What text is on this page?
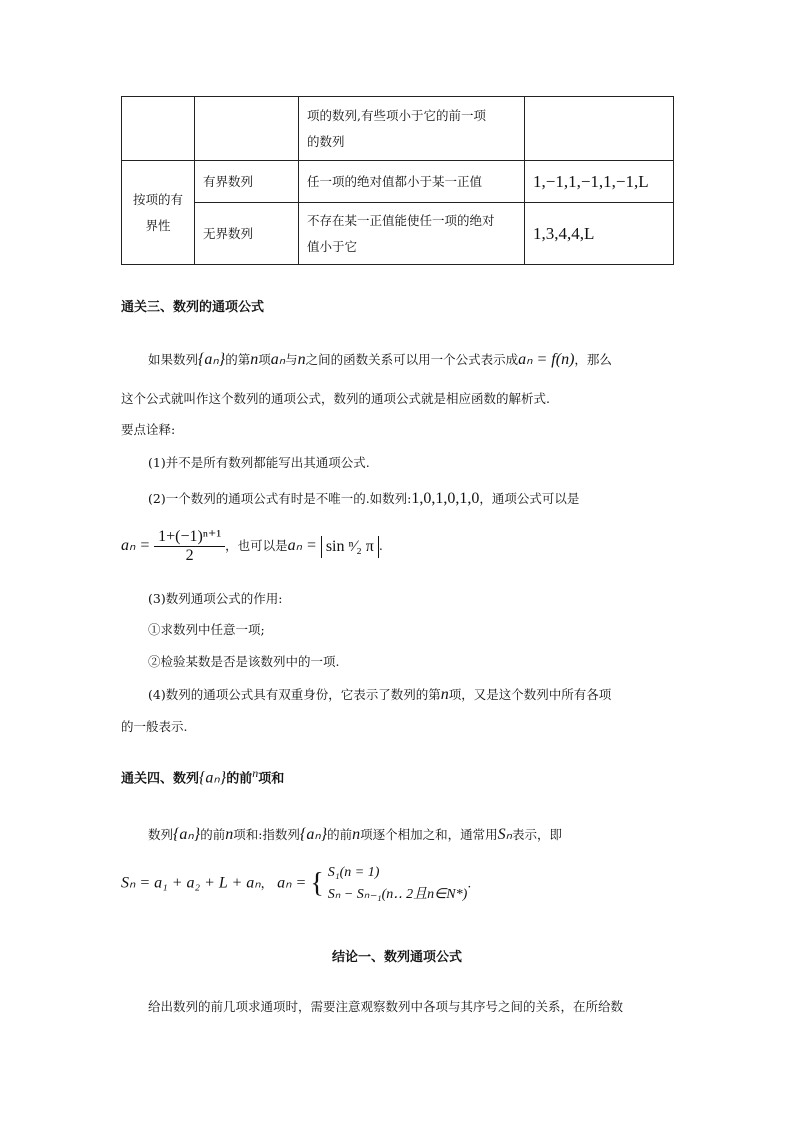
		项的数列,有些项小于它的前一项
的数列	

按项的有
界性	有界数列	任一项的绝对值都小于某一正值	1,−1,1,−1,1,−1,L
	无界数列	不存在某一正值能使任一项的绝对
值小于它	1,3,4,4,L
通关三、数列的通项公式
如果数列{aₙ}的第n项aₙ与n之间的函数关系可以用一个公式表示成aₙ = f(n)，那么
这个公式就叫作这个数列的通项公式，数列的通项公式就是相应函数的解析式.
要点诠释:
(1)并不是所有数列都能写出其通项公式.
(2)一个数列的通项公式有时是不唯一的.如数列:1,0,1,0,1,0，通项公式可以是
$a_n = \frac{\text{1+(−1)ⁿ⁺¹}}{2}$ ，也可以是aₙ = sin ⁿ⁄₂ π .
(3)数列通项公式的作用:
①求数列中任意一项;
②检验某数是否是该数列中的一项.
(4)数列的通项公式具有双重身份，它表示了数列的第n项，又是这个数列中所有各项
的一般表示.
通关四、数列{aₙ}的前n项和
数列{aₙ}的前n项和:指数列{aₙ}的前n项逐个相加之和，通常用Sₙ表示，即
Sₙ = a₁ + a₂ + L + aₙ， aₙ = { S₁(n = 1)
Sₙ − Sₙ₋₁(n‥ 2且n∈N*)
.
结论一、数列通项公式
给出数列的前几项求通项时，需要注意观察数列中各项与其序号之间的关系，在所给数
